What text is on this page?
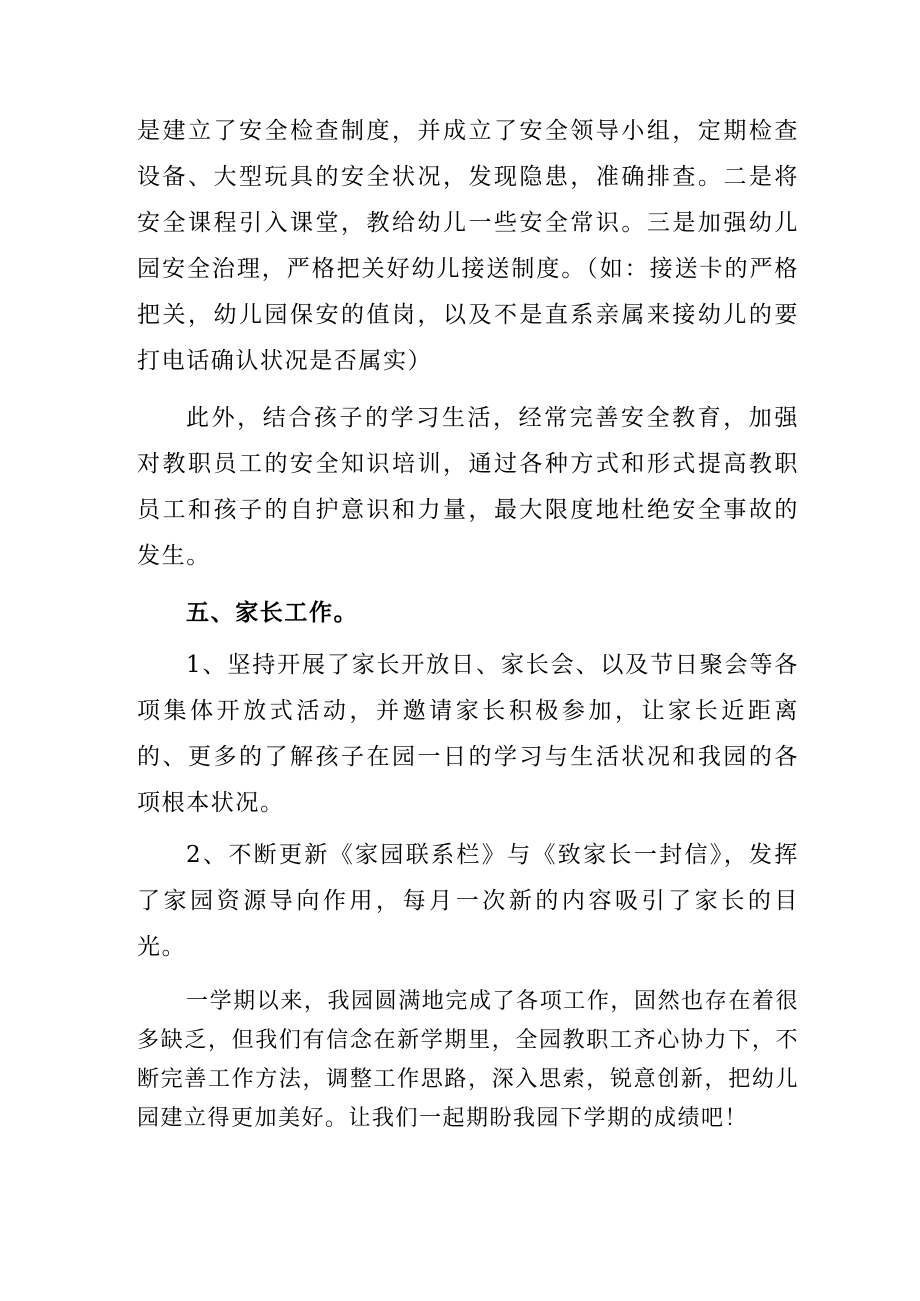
是建立了安全检查制度，并成立了安全领导小组，定期检查设备、大型玩具的安全状况，发现隐患，准确排查。二是将安全课程引入课堂，教给幼儿一些安全常识。三是加强幼儿园安全治理，严格把关好幼儿接送制度。（如：接送卡的严格把关，幼儿园保安的值岗，以及不是直系亲属来接幼儿的要打电话确认状况是否属实）

此外，结合孩子的学习生活，经常完善安全教育，加强对教职员工的安全知识培训，通过各种方式和形式提高教职员工和孩子的自护意识和力量，最大限度地杜绝安全事故的发生。

五、家长工作。

1、坚持开展了家长开放日、家长会、以及节日聚会等各项集体开放式活动，并邀请家长积极参加，让家长近距离的、更多的了解孩子在园一日的学习与生活状况和我园的各项根本状况。

2、不断更新《家园联系栏》与《致家长一封信》，发挥了家园资源导向作用，每月一次新的内容吸引了家长的目光。

一学期以来，我园圆满地完成了各项工作，固然也存在着很多缺乏，但我们有信念在新学期里，全园教职工齐心协力下，不断完善工作方法，调整工作思路，深入思索，锐意创新，把幼儿园建立得更加美好。让我们一起期盼我园下学期的成绩吧！
